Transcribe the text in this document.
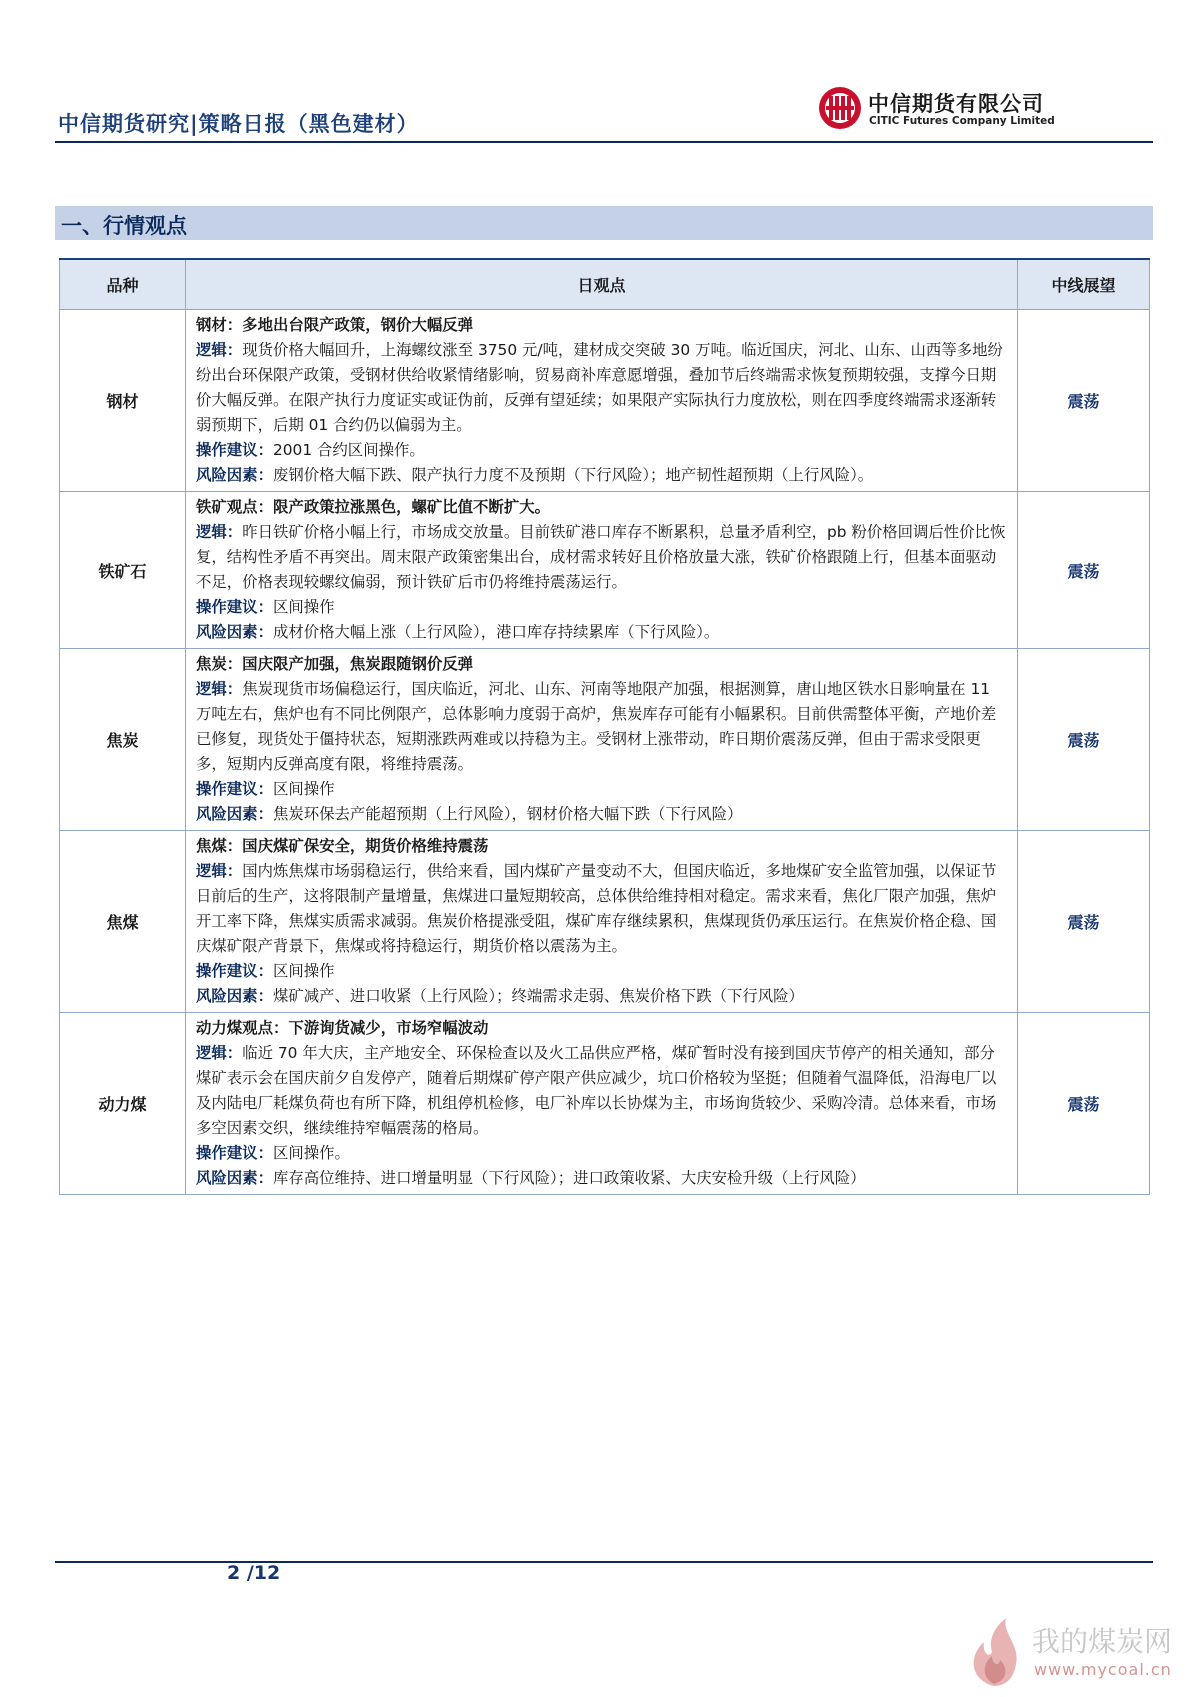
中信期货研究|策略日报（黑色建材）
中信期货有限公司
CITIC Futures Company Limited
一、行情观点
品种	日观点	中线展望
钢材	钢材：多地出台限产政策，钢价大幅反弹
逻辑：现货价格大幅回升，上海螺纹涨至 3750 元/吨，建材成交突破 30 万吨。临近国庆，河北、山东、山西等多地纷纷出台环保限产政策，受钢材供给收紧情绪影响，贸易商补库意愿增强，叠加节后终端需求恢复预期较强，支撑今日期价大幅反弹。在限产执行力度证实或证伪前，反弹有望延续；如果限产实际执行力度放松，则在四季度终端需求逐渐转弱预期下，后期 01 合约仍以偏弱为主。
操作建议：2001 合约区间操作。
风险因素：废钢价格大幅下跌、限产执行力度不及预期（下行风险）；地产韧性超预期（上行风险）。	震荡
铁矿石	铁矿观点：限产政策拉涨黑色，螺矿比值不断扩大。
逻辑：昨日铁矿价格小幅上行，市场成交放量。目前铁矿港口库存不断累积，总量矛盾利空，pb 粉价格回调后性价比恢复，结构性矛盾不再突出。周末限产政策密集出台，成材需求转好且价格放量大涨，铁矿价格跟随上行，但基本面驱动不足，价格表现较螺纹偏弱，预计铁矿后市仍将维持震荡运行。
操作建议：区间操作
风险因素：成材价格大幅上涨（上行风险），港口库存持续累库（下行风险）。	震荡
焦炭	焦炭：国庆限产加强，焦炭跟随钢价反弹
逻辑：焦炭现货市场偏稳运行，国庆临近，河北、山东、河南等地限产加强，根据测算，唐山地区铁水日影响量在 11 万吨左右，焦炉也有不同比例限产，总体影响力度弱于高炉，焦炭库存可能有小幅累积。目前供需整体平衡，产地价差已修复，现货处于僵持状态，短期涨跌两难或以持稳为主。受钢材上涨带动，昨日期价震荡反弹，但由于需求受限更多，短期内反弹高度有限，将维持震荡。
操作建议：区间操作
风险因素：焦炭环保去产能超预期（上行风险），钢材价格大幅下跌（下行风险）	震荡
焦煤	焦煤：国庆煤矿保安全，期货价格维持震荡
逻辑：国内炼焦煤市场弱稳运行，供给来看，国内煤矿产量变动不大，但国庆临近，多地煤矿安全监管加强，以保证节日前后的生产，这将限制产量增量，焦煤进口量短期较高，总体供给维持相对稳定。需求来看，焦化厂限产加强，焦炉开工率下降，焦煤实质需求减弱。焦炭价格提涨受阻，煤矿库存继续累积，焦煤现货仍承压运行。在焦炭价格企稳、国庆煤矿限产背景下，焦煤或将持稳运行，期货价格以震荡为主。
操作建议：区间操作
风险因素：煤矿减产、进口收紧（上行风险）；终端需求走弱、焦炭价格下跌（下行风险）	震荡
动力煤	动力煤观点：下游询货减少，市场窄幅波动
逻辑：临近 70 年大庆，主产地安全、环保检查以及火工品供应严格，煤矿暂时没有接到国庆节停产的相关通知，部分煤矿表示会在国庆前夕自发停产，随着后期煤矿停产限产供应减少，坑口价格较为坚挺；但随着气温降低，沿海电厂以及内陆电厂耗煤负荷也有所下降，机组停机检修，电厂补库以长协煤为主，市场询货较少、采购冷清。总体来看，市场多空因素交织，继续维持窄幅震荡的格局。
操作建议：区间操作。
风险因素：库存高位维持、进口增量明显（下行风险）；进口政策收紧、大庆安检升级（上行风险）	震荡
2 /12
我的煤炭网
www.mycoal.cn
